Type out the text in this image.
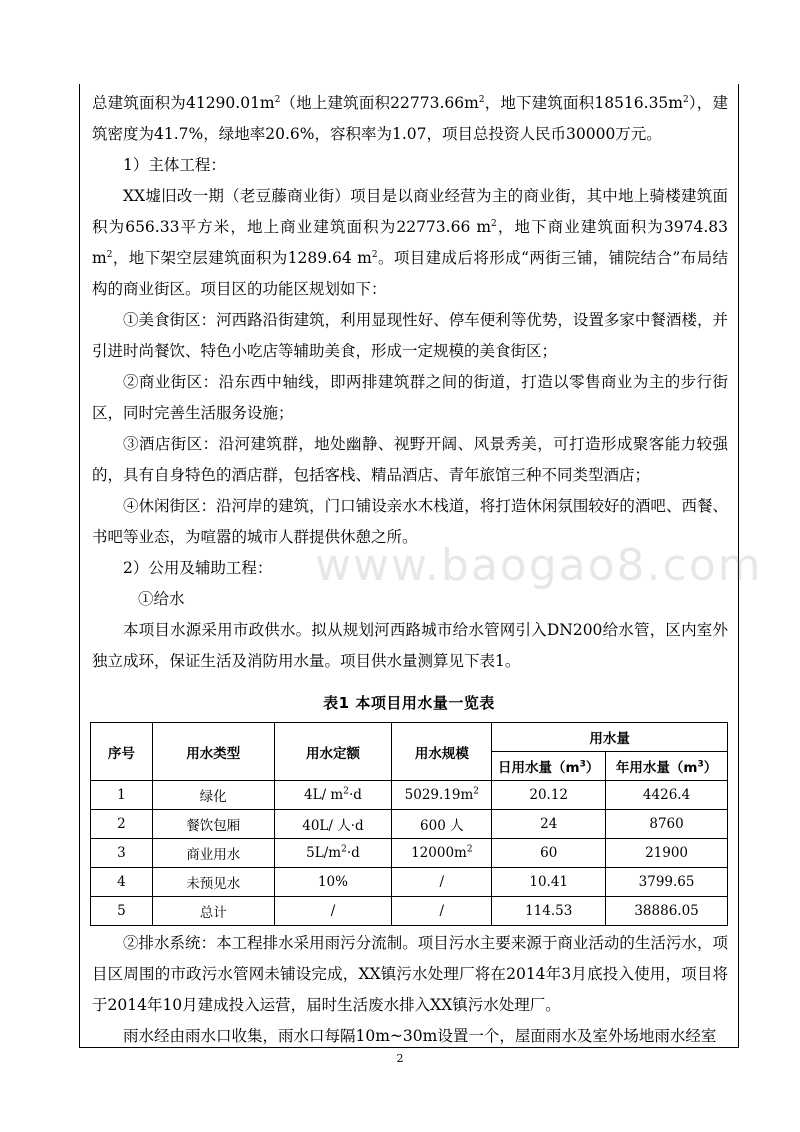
总建筑面积为$41290.01m^2$（地上建筑面积$22773.66m^2$，地下建筑面积$18516.35m^2$），建筑密度为41.7%，绿地率20.6%，容积率为1.07，项目总投资人民币30000万元。

1）主体工程：

XX墟旧改一期（老豆藤商业街）项目是以商业经营为主的商业街，其中地上骑楼建筑面积为656.33平方米，地上商业建筑面积为22773.66 $m^2$，地下商业建筑面积为3974.83 $m^2$，地下架空层建筑面积为1289.64 $m^2$。项目建成后将形成“两街三铺，铺院结合”布局结构的商业街区。项目区的功能区规划如下：

①美食街区：河西路沿街建筑，利用显现性好、停车便利等优势，设置多家中餐酒楼，并引进时尚餐饮、特色小吃店等辅助美食，形成一定规模的美食街区；

②商业街区：沿东西中轴线，即两排建筑群之间的街道，打造以零售商业为主的步行街区，同时完善生活服务设施；

③酒店街区：沿河建筑群，地处幽静、视野开阔、风景秀美，可打造形成聚客能力较强的，具有自身特色的酒店群，包括客栈、精品酒店、青年旅馆三种不同类型酒店；

④休闲街区：沿河岸的建筑，门口铺设亲水木栈道，将打造休闲氛围较好的酒吧、西餐、书吧等业态，为喧嚣的城市人群提供休憩之所。

2）公用及辅助工程：

①给水

本项目水源采用市政供水。拟从规划河西路城市给水管网引入DN200给水管，区内室外独立成环，保证生活及消防用水量。项目供水量测算见下表1。

www.baogao8.com
表1 本项目用水量一览表
序号	用水类型	用水定额	用水规模	用水量	
				日用水量$(m^3)$	年用水量$(m^3)$
1	绿化	4L/ $m^2\cdot d$	$5029.19m^2$	20.12	4426.4
2	餐饮包厢	40L/ 人·d	600 人	24	8760
3	商业用水	$5L/m^2\cdot d$	$12000m^2$	60	21900
4	未预见水	10%	/	10.41	3799.65
5	总计	/	/	114.53	38886.05

②排水系统：本工程排水采用雨污分流制。项目污水主要来源于商业活动的生活污水，项目区周围的市政污水管网未铺设完成，XX镇污水处理厂将在2014年3月底投入使用，项目将于2014年10月建成投入运营，届时生活废水排入XX镇污水处理厂。

雨水经由雨水口收集，雨水口每隔10m~30m设置一个，屋面雨水及室外场地雨水经室

2
